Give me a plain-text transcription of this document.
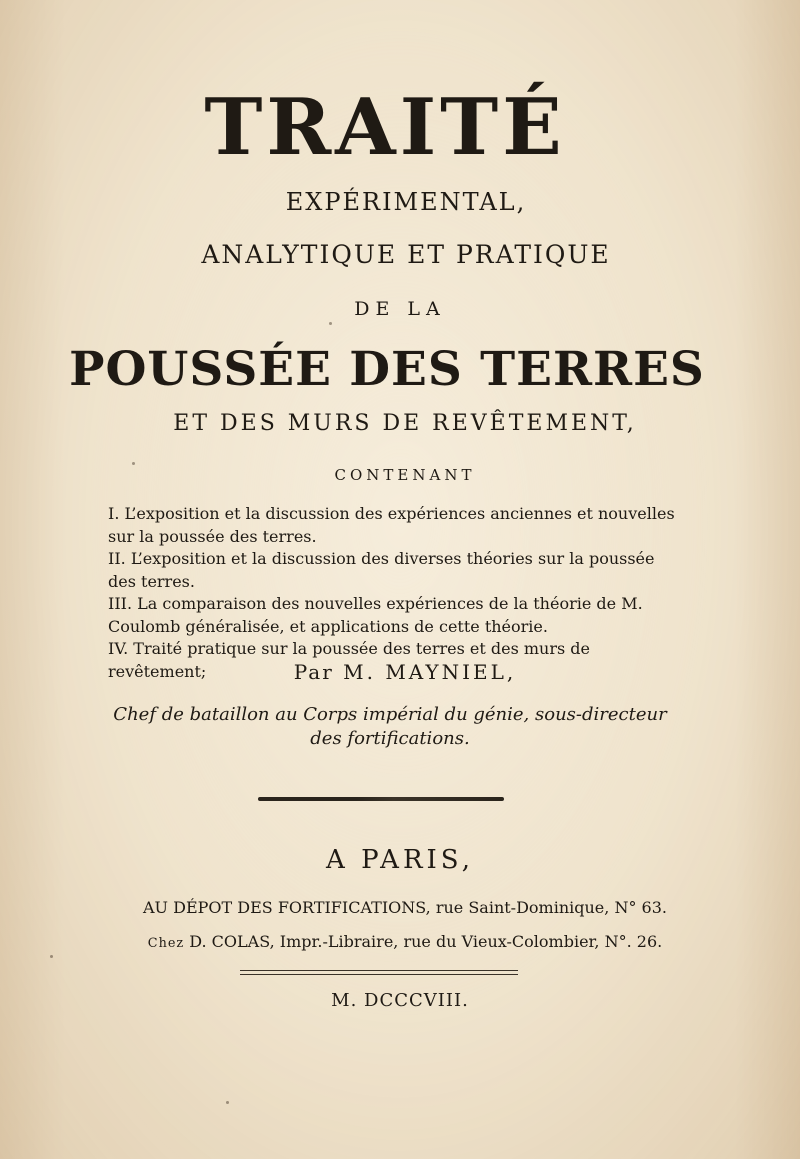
TRAITÉ
EXPÉRIMENTAL,
ANALYTIQUE ET PRATIQUE
DE LA
POUSSÉE DES TERRES
ET DES MURS DE REVÊTEMENT,
CONTENANT

I. L’exposition et la discussion des expériences anciennes et nouvelles sur la poussée des terres.

II. L’exposition et la discussion des diverses théories sur la poussée des terres.

III. La comparaison des nouvelles expériences de la théorie de M. Coulomb généralisée, et applications de cette théorie.

IV. Traité pratique sur la poussée des terres et des murs de revêtement;	Par M. MAYNIEL,
Chef de bataillon au Corps impérial du génie, sous-directeur
des fortifications.
A PARIS,
AU DÉPOT DES FORTIFICATIONS, rue Saint-Dominique, N° 63.
Chez D. COLAS, Impr.-Libraire, rue du Vieux-Colombier, N°. 26.
M. DCCCVIII.
